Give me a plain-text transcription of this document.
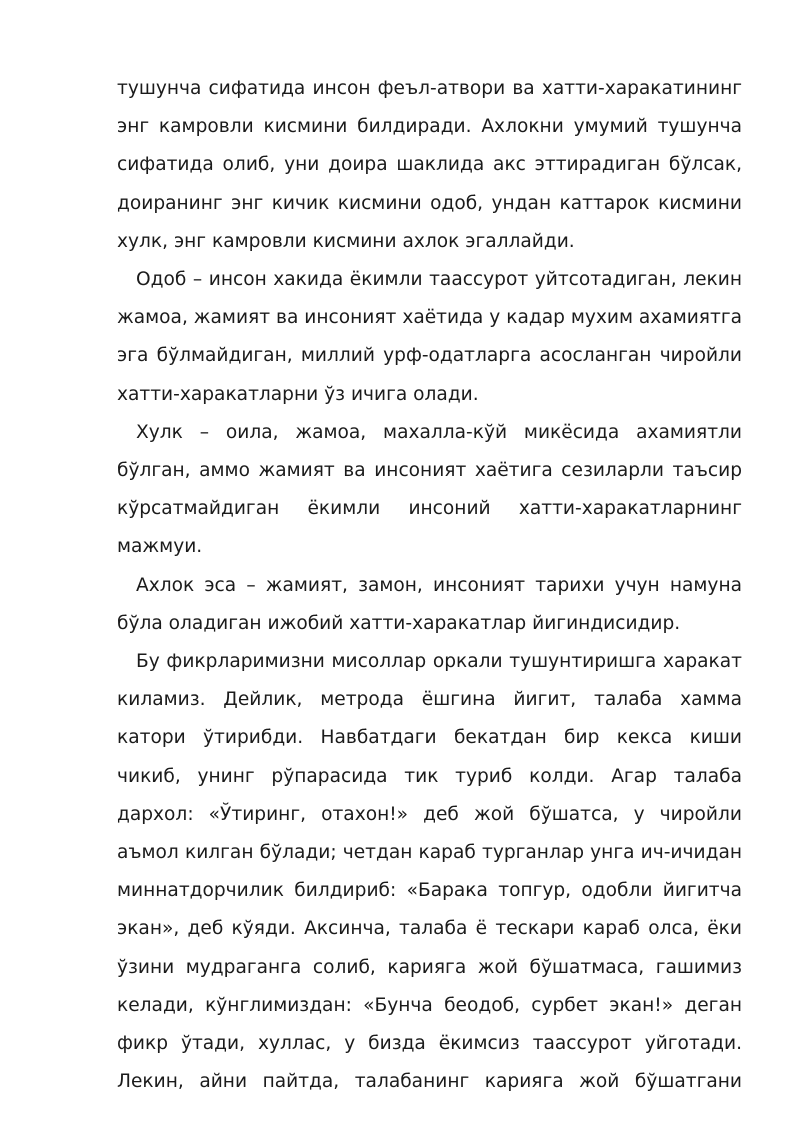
тушунча сифатида инсон феъл-атвори ва хатти-харакатининг энг камровли кисмини билдиради. Ахлокни умумий тушунча сифатида олиб, уни доира шаклида акс эттирадиган бўлсак, доиранинг энг кичик кисмини одоб, ундан каттарок кисмини хулк, энг камровли кисмини ахлок эгаллайди.

Одоб – инсон хакида ёкимли таассурот уйтсотадиган, лекин жамоа, жамият ва инсоният хаётида у кадар мухим ахамиятга эга бўлмайдиган, миллий урф-одатларга асосланган чиройли хатти-харакатларни ўз ичига олади.

Хулк – оила, жамоа, махалла-кўй микёсида ахамиятли бўлган, аммо жамият ва инсоният хаётига сезиларли таъсир кўрсатмайдиган ёкимли инсоний хатти-харакатларнинг мажмуи.

Ахлок эса – жамият, замон, инсоният тарихи учун намуна бўла оладиган ижобий хатти-харакатлар йигиндисидир.

Бу фикрларимизни мисоллар оркали тушунтиришга харакат киламиз. Дейлик, метрода ёшгина йигит, талаба хамма катори ўтирибди. Навбатдаги бекатдан бир кекса киши чикиб, унинг рўпарасида тик туриб колди. Агар талаба дархол: «Ўтиринг, отахон!» деб жой бўшатса, у чиройли аъмол килган бўлади; четдан караб турганлар унга ич-ичидан миннатдорчилик билдириб: «Барака топгур, одобли йигитча экан», деб кўяди. Аксинча, талаба ё тескари караб олса, ёки ўзини мудраганга солиб, карияга жой бўшатмаса, гашимиз келади, кўнглимиздан: «Бунча беодоб, сурбет экан!» деган фикр ўтади, хуллас, у бизда ёкимсиз таассурот уйготади. Лекин, айни пайтда, талабанинг карияга жой бўшатгани
